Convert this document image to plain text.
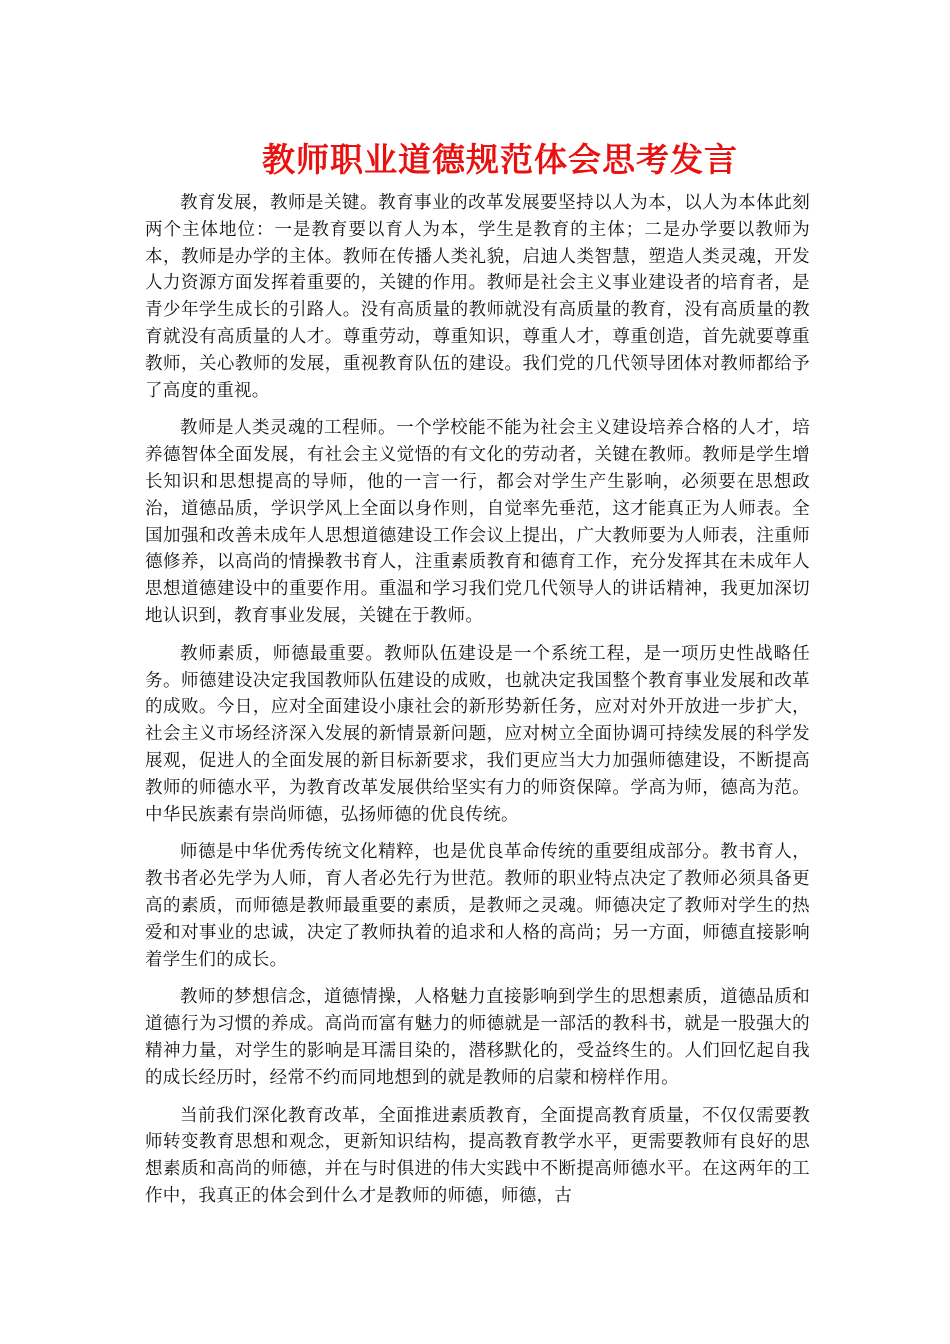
教师职业道德规范体会思考发言

教育发展，教师是关键。教育事业的改革发展要坚持以人为本，以人为本体此刻两个主体地位：一是教育要以育人为本，学生是教育的主体；二是办学要以教师为本，教师是办学的主体。教师在传播人类礼貌，启迪人类智慧，塑造人类灵魂，开发人力资源方面发挥着重要的，关键的作用。教师是社会主义事业建设者的培育者，是青少年学生成长的引路人。没有高质量的教师就没有高质量的教育，没有高质量的教育就没有高质量的人才。尊重劳动，尊重知识，尊重人才，尊重创造，首先就要尊重教师，关心教师的发展，重视教育队伍的建设。我们党的几代领导团体对教师都给予了高度的重视。

教师是人类灵魂的工程师。一个学校能不能为社会主义建设培养合格的人才，培养德智体全面发展，有社会主义觉悟的有文化的劳动者，关键在教师。教师是学生增长知识和思想提高的导师，他的一言一行，都会对学生产生影响，必须要在思想政治，道德品质，学识学风上全面以身作则，自觉率先垂范，这才能真正为人师表。全国加强和改善未成年人思想道德建设工作会议上提出，广大教师要为人师表，注重师德修养，以高尚的情操教书育人，注重素质教育和德育工作，充分发挥其在未成年人思想道德建设中的重要作用。重温和学习我们党几代领导人的讲话精神，我更加深切地认识到，教育事业发展，关键在于教师。

教师素质，师德最重要。教师队伍建设是一个系统工程，是一项历史性战略任务。师德建设决定我国教师队伍建设的成败，也就决定我国整个教育事业发展和改革的成败。今日，应对全面建设小康社会的新形势新任务，应对对外开放进一步扩大，社会主义市场经济深入发展的新情景新问题，应对树立全面协调可持续发展的科学发展观，促进人的全面发展的新目标新要求，我们更应当大力加强师德建设，不断提高教师的师德水平，为教育改革发展供给坚实有力的师资保障。学高为师，德高为范。中华民族素有崇尚师德，弘扬师德的优良传统。

师德是中华优秀传统文化精粹，也是优良革命传统的重要组成部分。教书育人，教书者必先学为人师，育人者必先行为世范。教师的职业特点决定了教师必须具备更高的素质，而师德是教师最重要的素质，是教师之灵魂。师德决定了教师对学生的热爱和对事业的忠诚，决定了教师执着的追求和人格的高尚；另一方面，师德直接影响着学生们的成长。

教师的梦想信念，道德情操，人格魅力直接影响到学生的思想素质，道德品质和道德行为习惯的养成。高尚而富有魅力的师德就是一部活的教科书，就是一股强大的精神力量，对学生的影响是耳濡目染的，潜移默化的，受益终生的。人们回忆起自我的成长经历时，经常不约而同地想到的就是教师的启蒙和榜样作用。

当前我们深化教育改革，全面推进素质教育，全面提高教育质量，不仅仅需要教师转变教育思想和观念，更新知识结构，提高教育教学水平，更需要教师有良好的思想素质和高尚的师德，并在与时俱进的伟大实践中不断提高师德水平。在这两年的工作中，我真正的体会到什么才是教师的师德，师德，古
